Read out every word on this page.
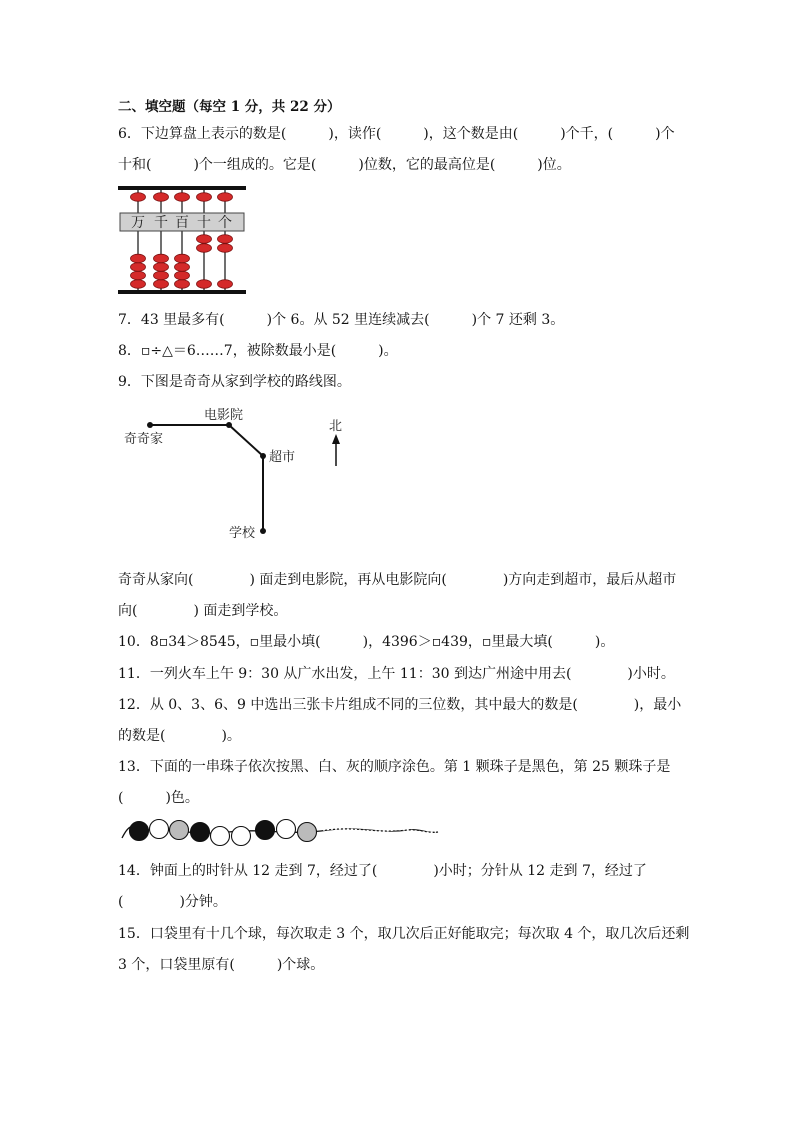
二、填空题（每空 1 分，共 22 分）
6．下边算盘上表示的数是(　　　)，读作(　　　)，这个数是由(　　　)个千，(　　　)个
十和(　　　)个一组成的。它是(　　　)位数，它的最高位是(　　　)位。
万 千 百 十 个
7．43 里最多有(　　　)个 6。从 52 里连续减去(　　　)个 7 还剩 3。
8．▫÷△＝6……7，被除数最小是(　　　)。
9．下图是奇奇从家到学校的路线图。
奇奇家
电影院
超市
学校
北
奇奇从家向(　　　　) 面走到电影院，再从电影院向(　　　　)方向走到超市，最后从超市
向(　　　　) 面走到学校。
10．8▫34＞8545，▫里最小填(　　　)，4396＞▫439，▫里最大填(　　　)。
11．一列火车上午 9：30 从广水出发，上午 11：30 到达广州途中用去(　　　　)小时。
12．从 0、3、6、9 中选出三张卡片组成不同的三位数，其中最大的数是(　　　　)，最小
的数是(　　　　)。
13．下面的一串珠子依次按黑、白、灰的顺序涂色。第 1 颗珠子是黑色，第 25 颗珠子是
(　　　)色。
14．钟面上的时针从 12 走到 7，经过了(　　　　)小时；分针从 12 走到 7，经过了
(　　　　)分钟。
15．口袋里有十几个球，每次取走 3 个，取几次后正好能取完；每次取 4 个，取几次后还剩
3 个，口袋里原有(　　　)个球。
